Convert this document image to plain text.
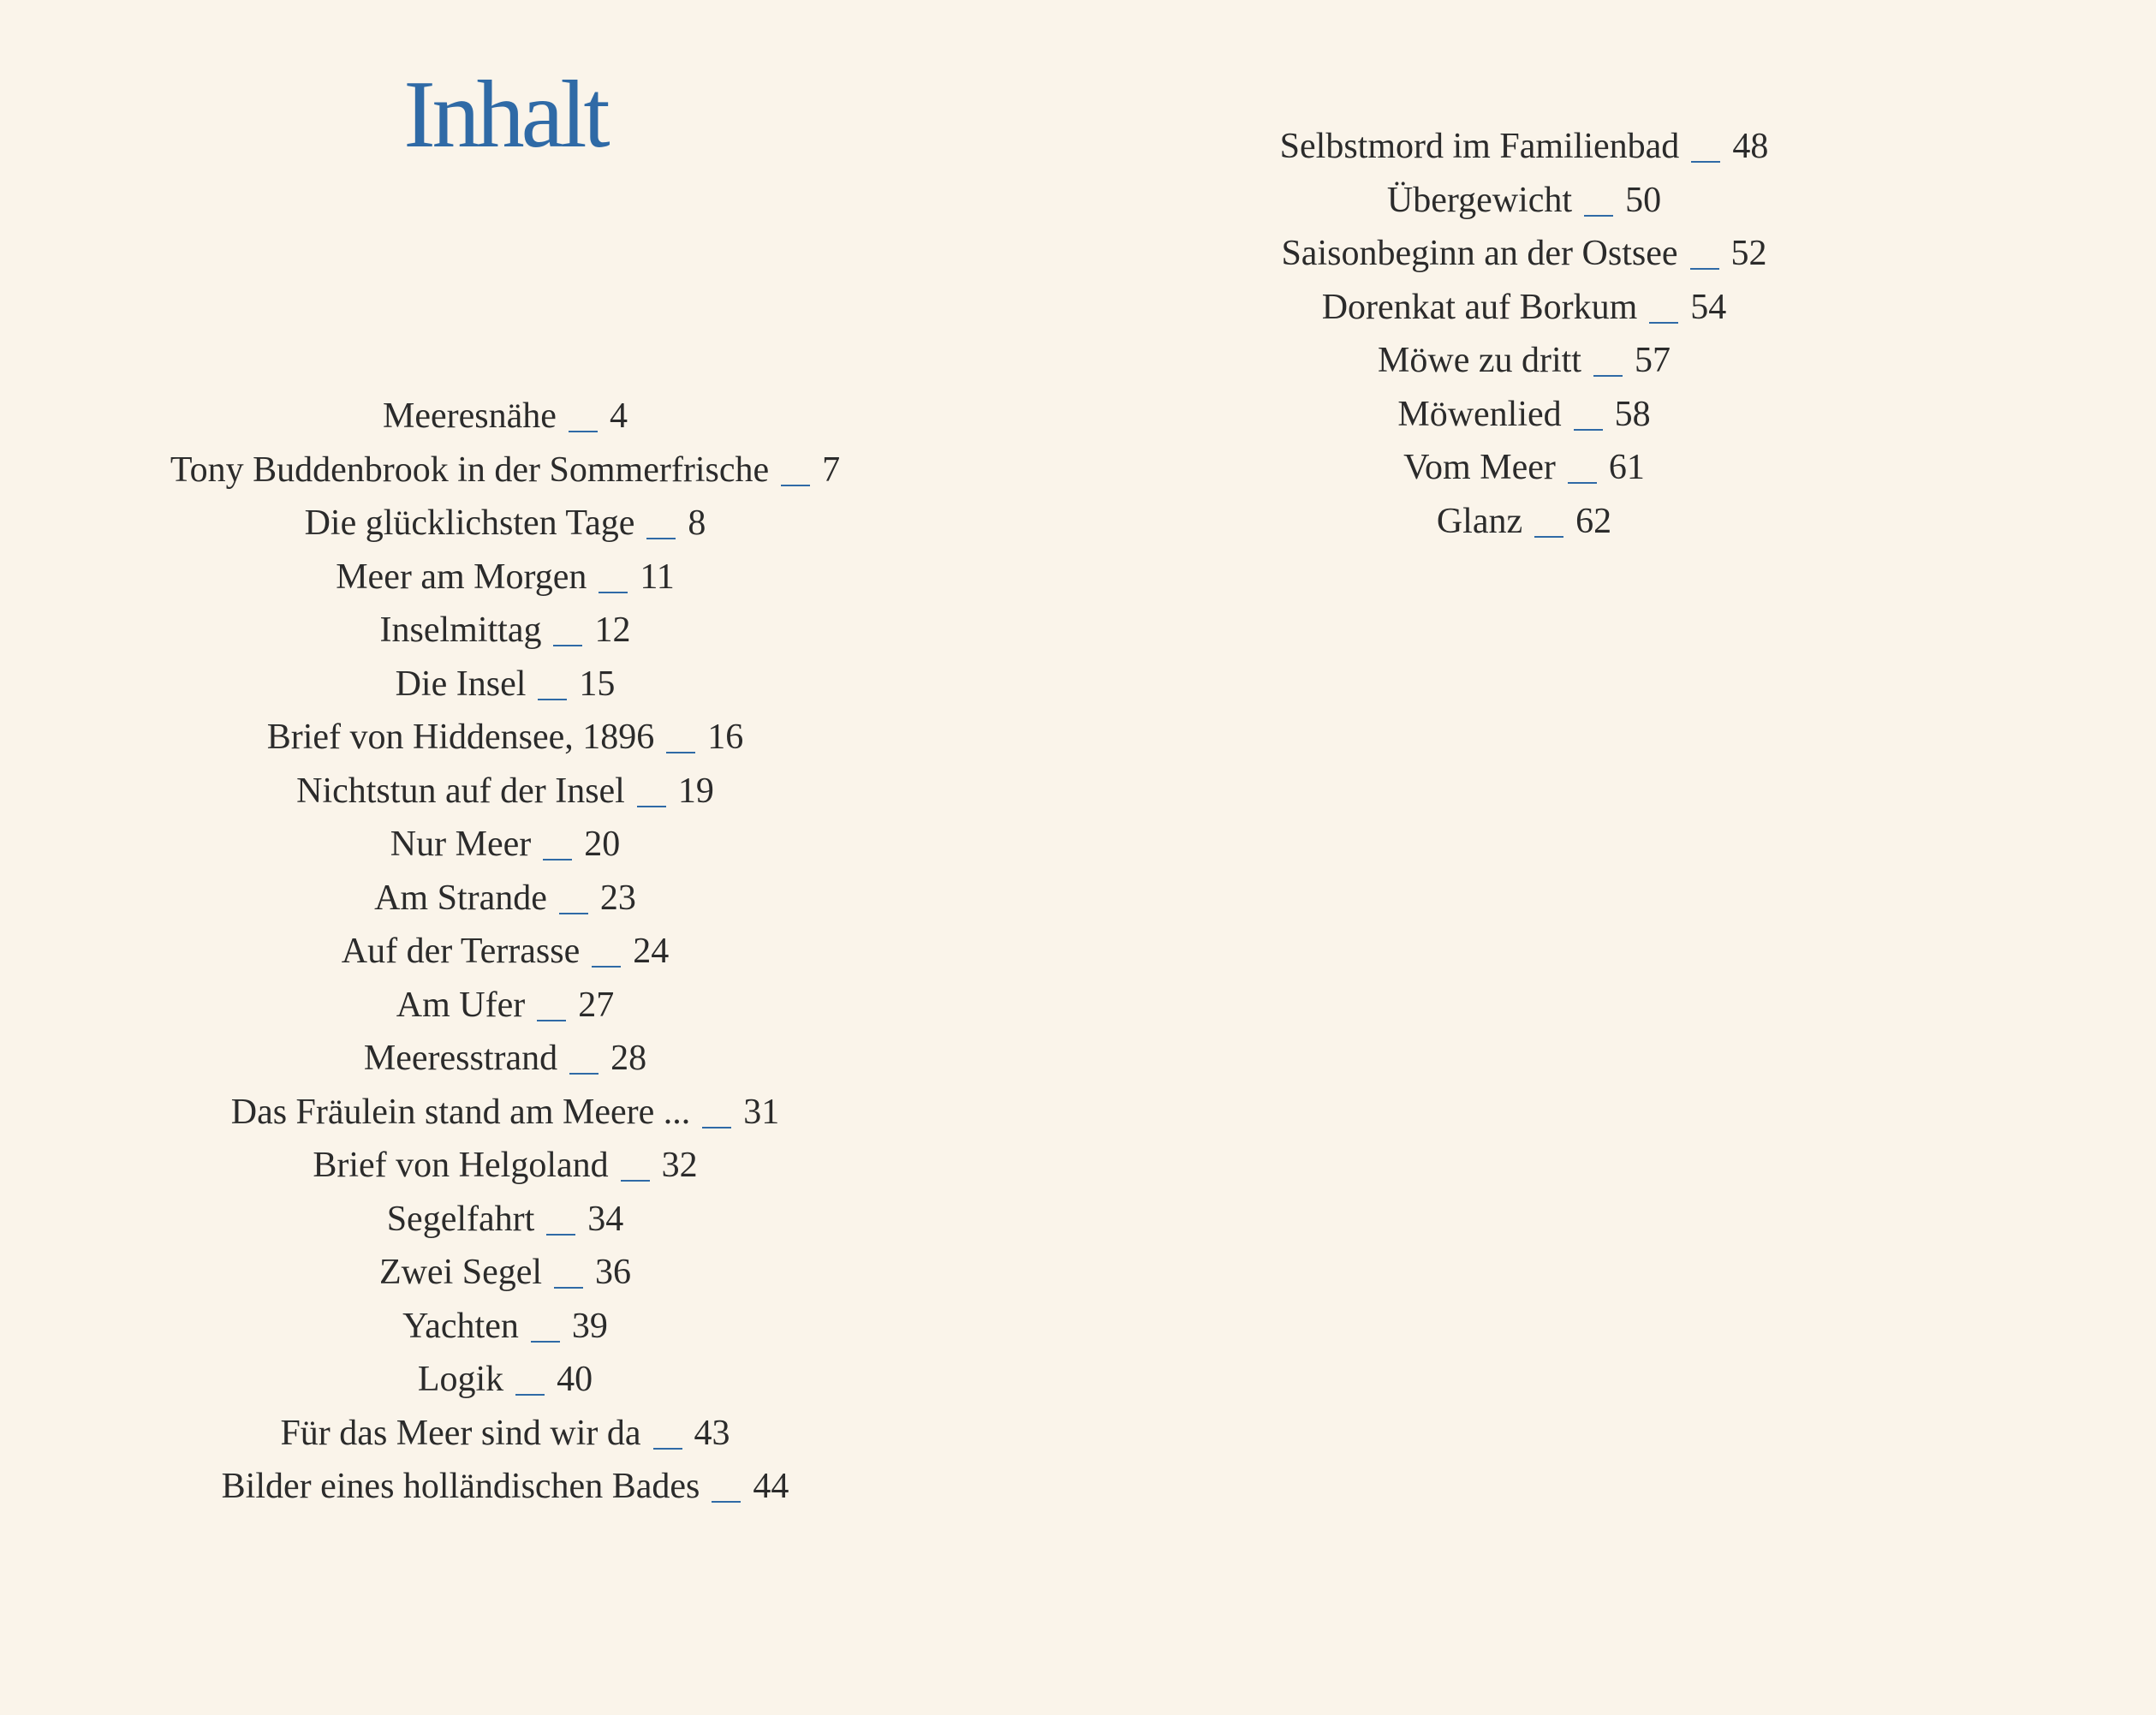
Inhalt
Meeresnähe 4
Tony Buddenbrook in der Sommerfrische 7
Die glücklichsten Tage 8
Meer am Morgen 11
Inselmittag 12
Die Insel 15
Brief von Hiddensee, 1896 16
Nichtstun auf der Insel 19
Nur Meer 20
Am Strande 23
Auf der Terrasse 24
Am Ufer 27
Meeresstrand 28
Das Fräulein stand am Meere ... 31
Brief von Helgoland 32
Segelfahrt 34
Zwei Segel 36
Yachten 39
Logik 40
Für das Meer sind wir da 43
Bilder eines holländischen Bades 44
Selbstmord im Familienbad 48
Übergewicht 50
Saisonbeginn an der Ostsee 52
Dorenkat auf Borkum 54
Möwe zu dritt 57
Möwenlied 58
Vom Meer 61
Glanz 62
